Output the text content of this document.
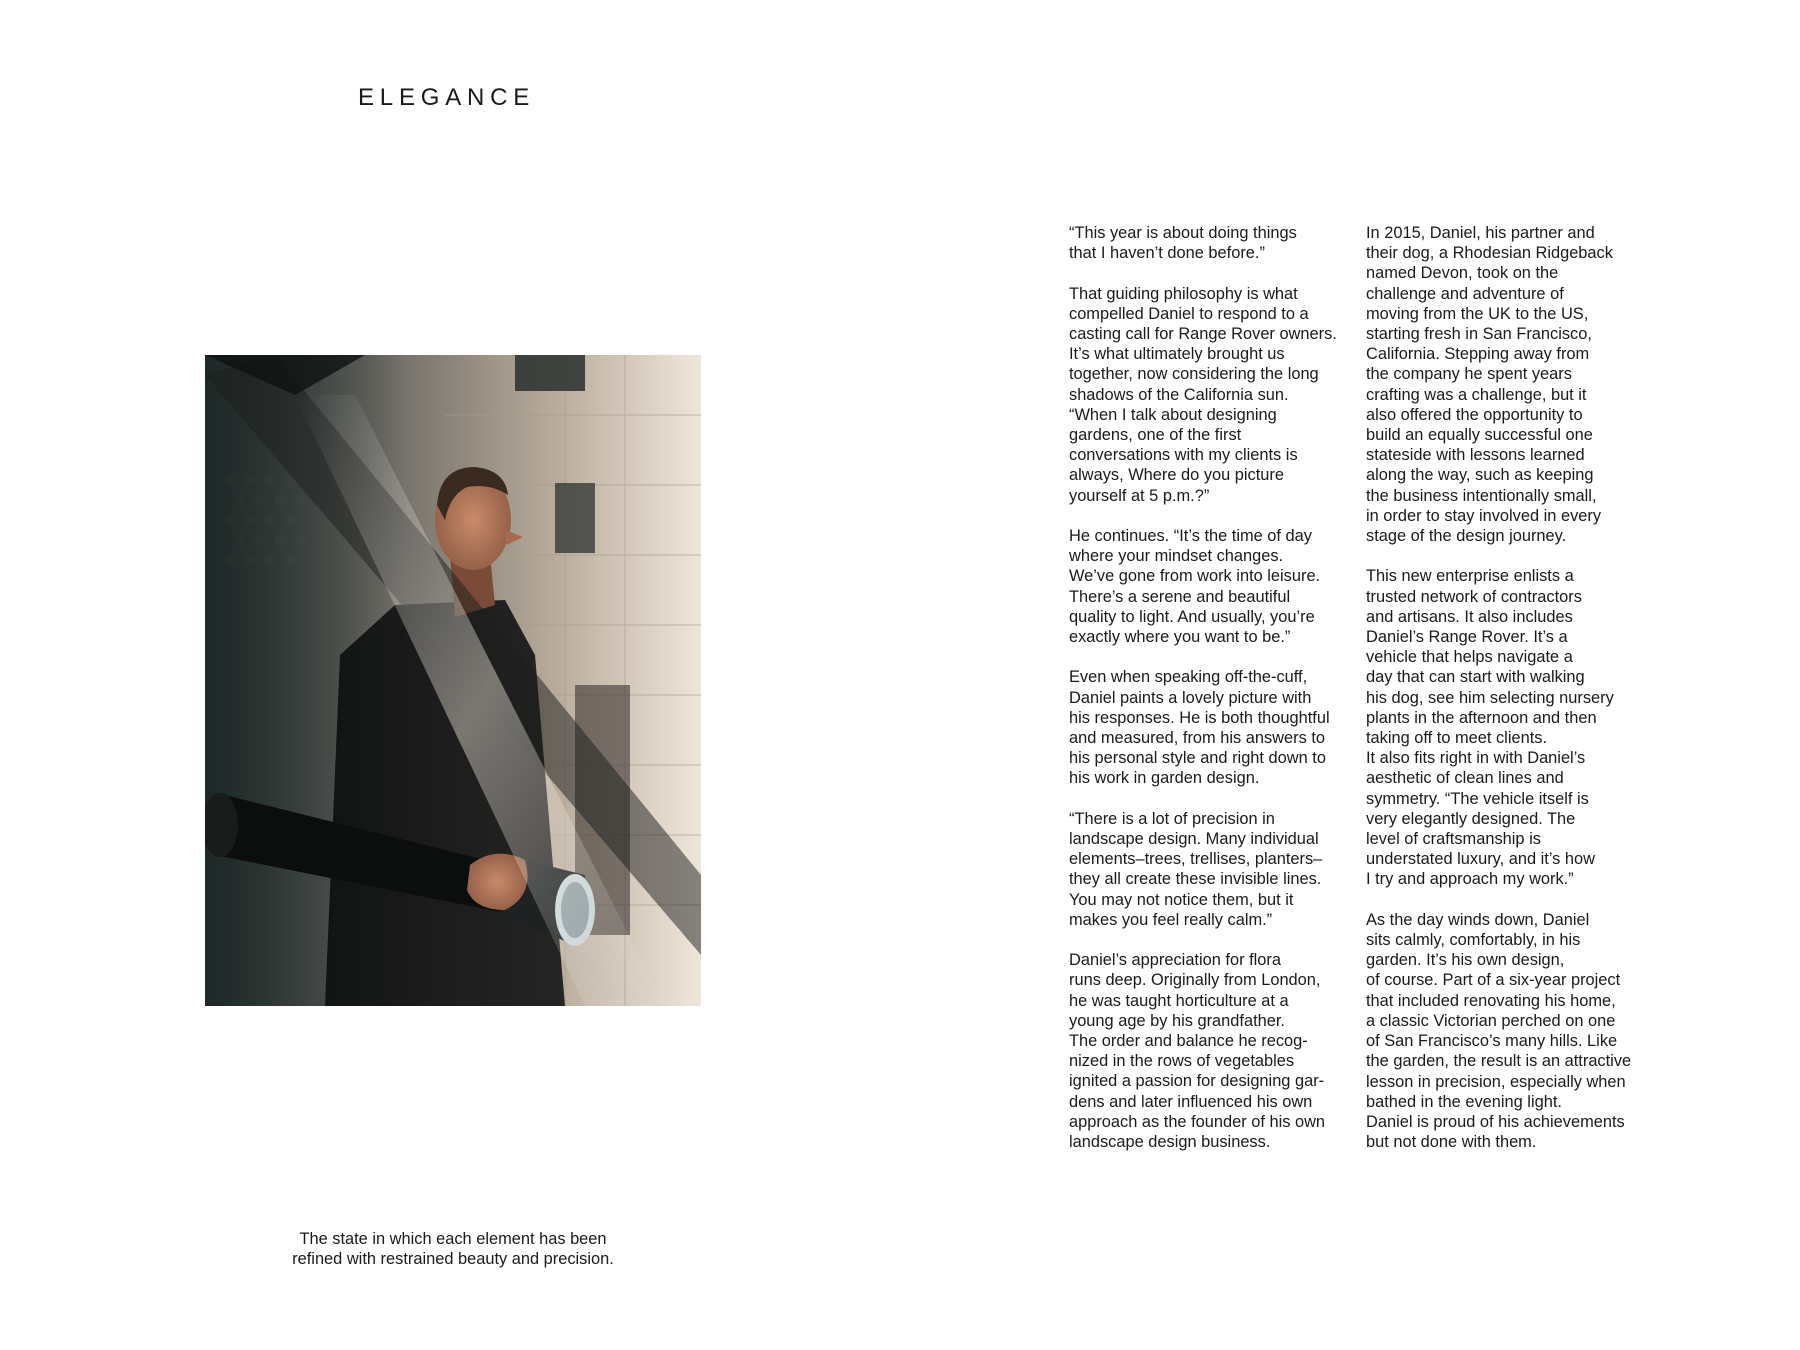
ELEGANCE

The state in which each element has been
refined with restrained beauty and precision.

“This year is about doing things
that I haven’t done before.”

That guiding philosophy is what
compelled Daniel to respond to a
casting call for Range Rover owners.
It’s what ultimately brought us
together, now considering the long
shadows of the California sun.
“When I talk about designing
gardens, one of the first
conversations with my clients is
always, Where do you picture
yourself at 5 p.m.?”

He continues. “It’s the time of day
where your mindset changes.
We’ve gone from work into leisure.
There’s a serene and beautiful
quality to light. And usually, you’re
exactly where you want to be.”

Even when speaking off-the-cuff,
Daniel paints a lovely picture with
his responses. He is both thoughtful
and measured, from his answers to
his personal style and right down to
his work in garden design.

“There is a lot of precision in
landscape design. Many individual
elements–trees, trellises, planters–
they all create these invisible lines.
You may not notice them, but it
makes you feel really calm.”

Daniel’s appreciation for flora
runs deep. Originally from London,
he was taught horticulture at a
young age by his grandfather.
The order and balance he recog-
nized in the rows of vegetables
ignited a passion for designing gar-
dens and later influenced his own
approach as the founder of his own
landscape design business.

In 2015, Daniel, his partner and
their dog, a Rhodesian Ridgeback
named Devon, took on the
challenge and adventure of
moving from the UK to the US,
starting fresh in San Francisco,
California. Stepping away from
the company he spent years
crafting was a challenge, but it
also offered the opportunity to
build an equally successful one
stateside with lessons learned
along the way, such as keeping
the business intentionally small,
in order to stay involved in every
stage of the design journey.

This new enterprise enlists a
trusted network of contractors
and artisans. It also includes
Daniel’s Range Rover. It’s a
vehicle that helps navigate a
day that can start with walking
his dog, see him selecting nursery
plants in the afternoon and then
taking off to meet clients.
It also fits right in with Daniel’s
aesthetic of clean lines and
symmetry. “The vehicle itself is
very elegantly designed. The
level of craftsmanship is
understated luxury, and it’s how
I try and approach my work.”

As the day winds down, Daniel
sits calmly, comfortably, in his
garden. It’s his own design,
of course. Part of a six-year project
that included renovating his home,
a classic Victorian perched on one
of San Francisco’s many hills. Like
the garden, the result is an attractive
lesson in precision, especially when
bathed in the evening light.
Daniel is proud of his achievements
but not done with them.
